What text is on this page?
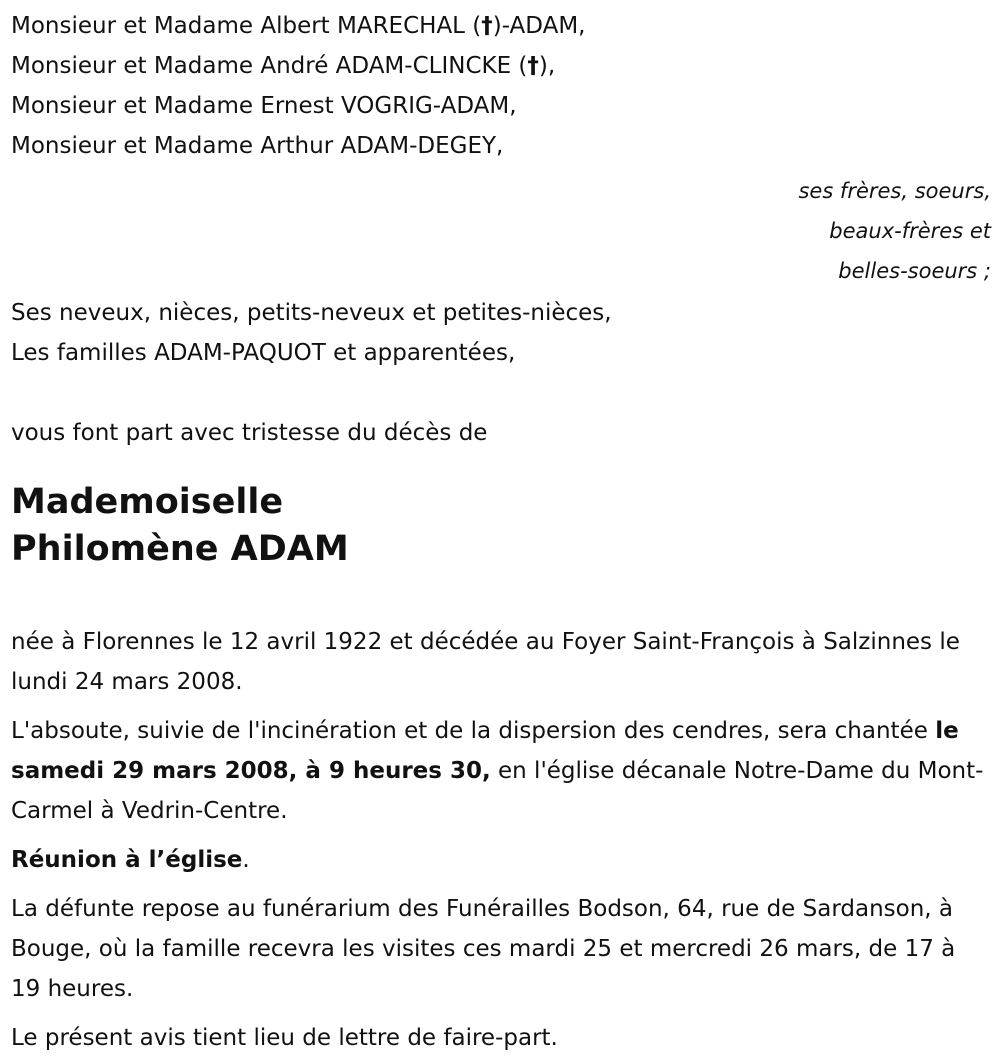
Monsieur et Madame Albert MARECHAL (†)-ADAM,
Monsieur et Madame André ADAM-CLINCKE (†),
Monsieur et Madame Ernest VOGRIG-ADAM,
Monsieur et Madame Arthur ADAM-DEGEY,
ses frères, soeurs,
beaux-frères et
belles-soeurs ;
Ses neveux, nièces, petits-neveux et petites-nièces,
Les familles ADAM-PAQUOT et apparentées,
vous font part avec tristesse du décès de
Mademoiselle
Philomène ADAM

née à Florennes le 12 avril 1922 et décédée au Foyer Saint-François à Salzinnes le lundi 24 mars 2008.

L'absoute, suivie de l'incinération et de la dispersion des cendres, sera chantée le samedi 29 mars 2008, à 9 heures 30, en l'église décanale Notre-Dame du Mont-Carmel à Vedrin-Centre.

Réunion à l’église.

La défunte repose au funérarium des Funérailles Bodson, 64, rue de Sardanson, à Bouge, où la famille recevra les visites ces mardi 25 et mercredi 26 mars, de 17 à 19 heures.

Le présent avis tient lieu de lettre de faire-part.
